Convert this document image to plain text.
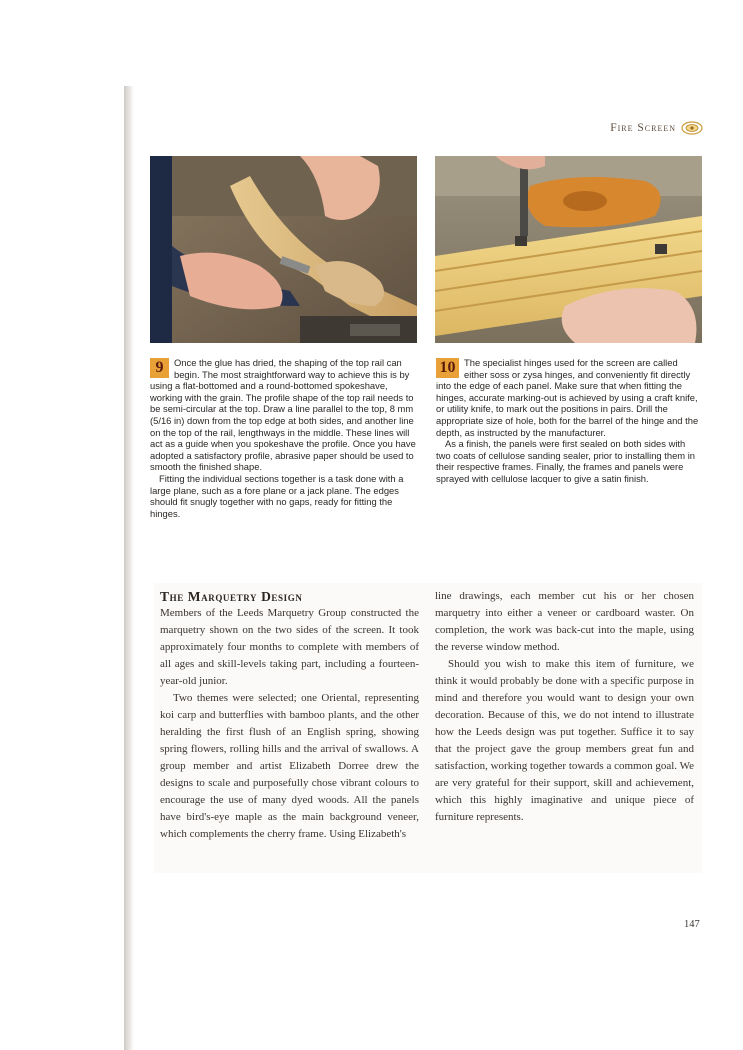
Fire Screen
9	Once the glue has dried, the shaping of the top rail can begin. The most straightforward way to achieve this is by using a flat-bottomed and a round-bottomed spokeshave, working with the grain. The profile shape of the top rail needs to be semi-circular at the top. Draw a line parallel to the top, 8 mm (5/16 in) down from the top edge at both sides, and another line on the top of the rail, lengthways in the middle. These lines will act as a guide when you spokeshave the profile. Once you have adopted a satisfactory profile, abrasive paper should be used to smooth the finished shape.

Fitting the individual sections together is a task done with a large plane, such as a fore plane or a jack plane. The edges should fit snugly together with no gaps, ready for fitting the hinges.

10 The specialist hinges used for the screen are called either soss or zysa hinges, and conveniently fit directly into the edge of each panel. Make sure that when fitting the hinges, accurate marking-out is achieved by using a craft knife, or utility knife, to mark out the positions in pairs. Drill the appropriate size of hole, both for the barrel of the hinge and the depth, as instructed by the manufacturer.

As a finish, the panels were first sealed on both sides with two coats of cellulose sanding sealer, prior to installing them in their respective frames. Finally, the frames and panels were sprayed with cellulose lacquer to give a satin finish.

The Marquetry Design

Members of the Leeds Marquetry Group constructed the marquetry shown on the two sides of the screen. It took approximately four months to complete with members of all ages and skill-levels taking part, including a fourteen-year-old junior.

Two themes were selected; one Oriental, representing koi carp and butterflies with bamboo plants, and the other heralding the first flush of an English spring, showing spring flowers, rolling hills and the arrival of swallows. A group member and artist Elizabeth Dorree drew the designs to scale and purposefully chose vibrant colours to encourage the use of many dyed woods. All the panels have bird's-eye maple as the main background veneer, which complements the cherry frame. Using Elizabeth's

line drawings, each member cut his or her chosen marquetry into either a veneer or cardboard waster. On completion, the work was back-cut into the maple, using the reverse window method.

Should you wish to make this item of furniture, we think it would probably be done with a specific purpose in mind and therefore you would want to design your own decoration. Because of this, we do not intend to illustrate how the Leeds design was put together. Suffice it to say that the project gave the group members great fun and satisfaction, working together towards a common goal. We are very grateful for their support, skill and achievement, which this highly imaginative and unique piece of furniture represents.

147
